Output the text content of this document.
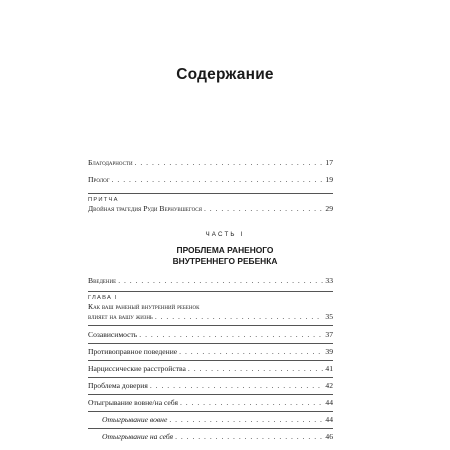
Содержание
Благодарности . . .	17
Пролог . . .	19
ПРИТЧА
Двойная трагедия Руди Вернувшегося . . .	29
ЧАСТЬ I
ПРОБЛЕМА РАНЕНОГО
ВНУТРЕННЕГО РЕБЕНКА
Введение . . .	33
ГЛАВА I
Как ваш раненый внутренний ребенок
влияет на вашу жизнь . . .	35
Созависимость . . .	37
Противоправное поведение . . .	39
Нарциссические расстройства . . .	41
Проблема доверия . . .	42
Отыгрывание вовне/на себя . . .	44
Отыгрывание вовне . . .	44
Отыгрывание на себя . . .	46
